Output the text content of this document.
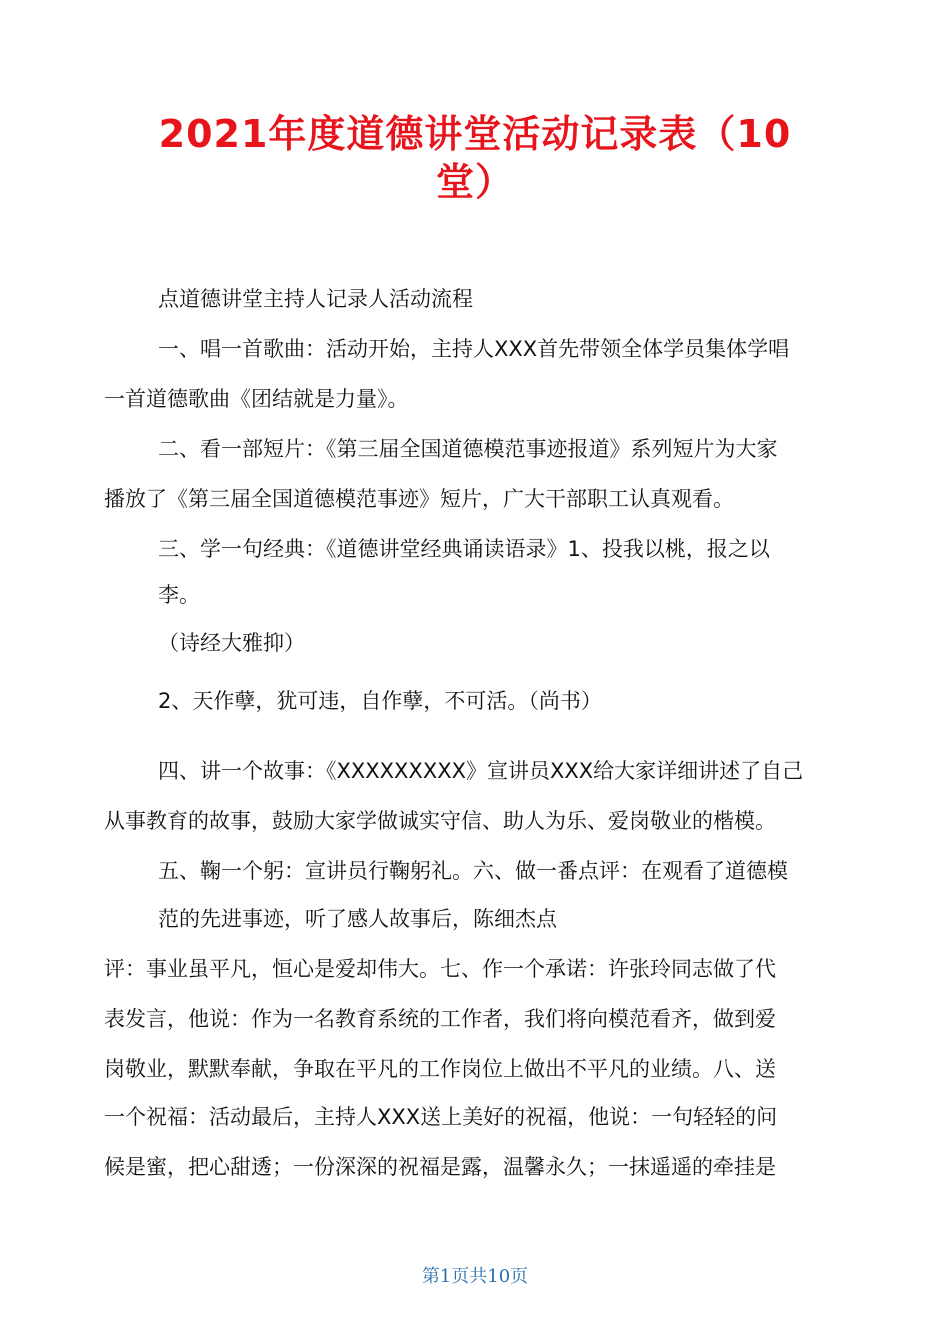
2021年度道德讲堂活动记录表（10
堂）
点道德讲堂主持人记录人活动流程
一、唱一首歌曲：活动开始，主持人XXX首先带领全体学员集体学唱
一首道德歌曲《团结就是力量》。
二、看一部短片：《第三届全国道德模范事迹报道》系列短片为大家
播放了《第三届全国道德模范事迹》短片，广大干部职工认真观看。
三、学一句经典：《道德讲堂经典诵读语录》1、投我以桃，报之以
李。
（诗经大雅抑）
2、天作孽，犹可违，自作孽，不可活。（尚书）
四、讲一个故事：《XXXXXXXXX》宣讲员XXX给大家详细讲述了自己
从事教育的故事，鼓励大家学做诚实守信、助人为乐、爱岗敬业的楷模。
五、鞠一个躬：宣讲员行鞠躬礼。六、做一番点评：在观看了道德模
范的先进事迹，听了感人故事后，陈细杰点
评：事业虽平凡，恒心是爱却伟大。七、作一个承诺：许张玲同志做了代
表发言，他说：作为一名教育系统的工作者，我们将向模范看齐，做到爱
岗敬业，默默奉献，争取在平凡的工作岗位上做出不平凡的业绩。八、送
一个祝福：活动最后，主持人XXX送上美好的祝福，他说：一句轻轻的问
候是蜜，把心甜透；一份深深的祝福是露，温馨永久；一抹遥遥的牵挂是
第1页共10页
